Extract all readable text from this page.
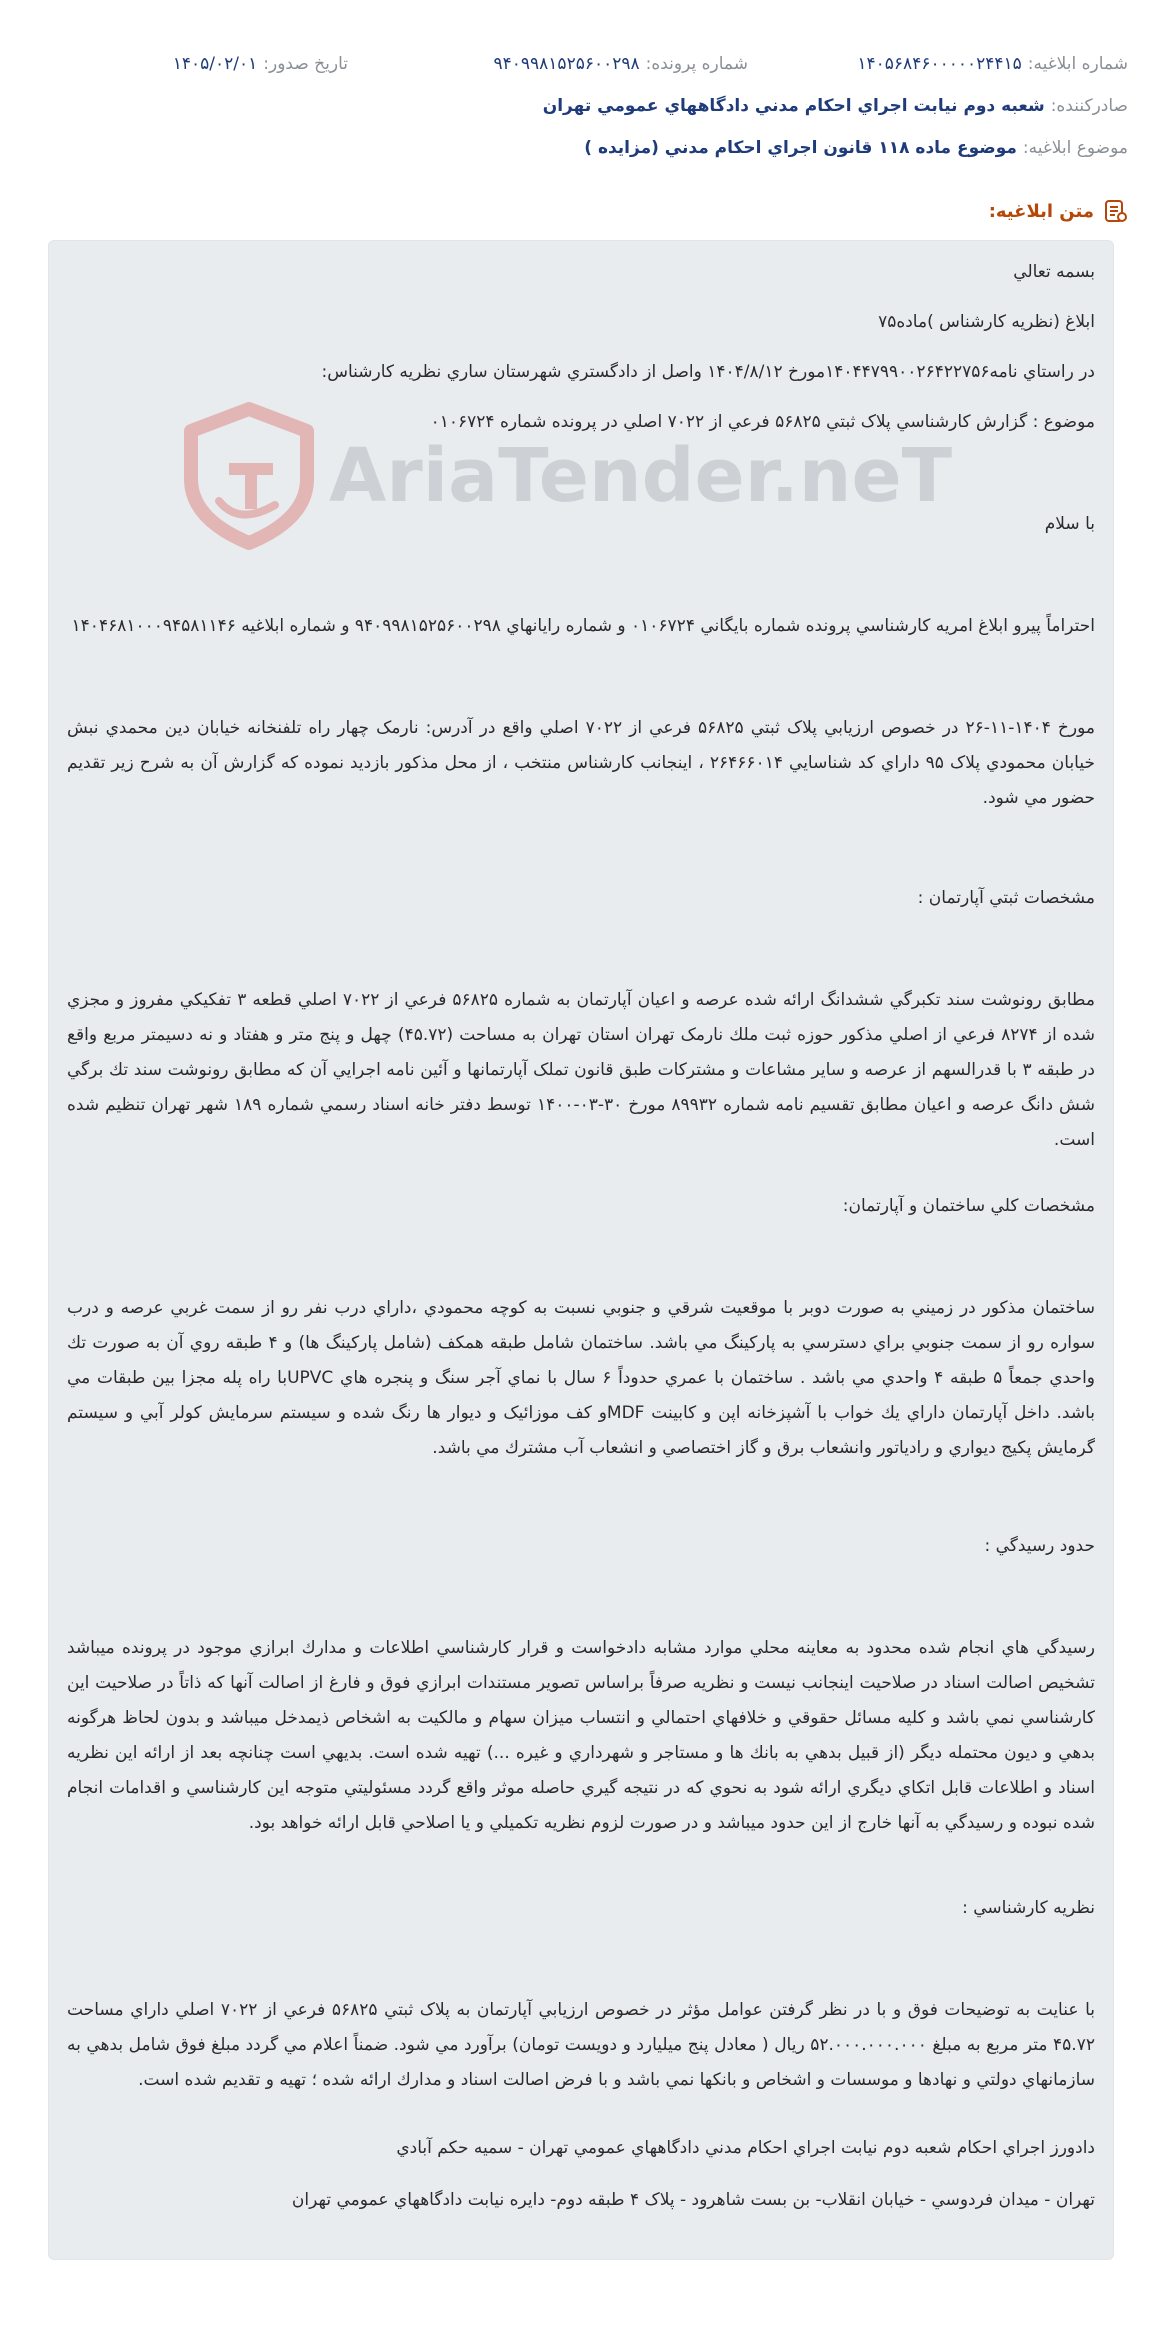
شماره ابلاغيه:
۱۴۰۵۶۸۴۶۰۰۰۰۰۲۴۴۱۵
شماره پرونده:
۹۴۰۹۹۸۱۵۲۵۶۰۰۲۹۸
تاريخ صدور:
۱۴۰۵/۰۲/۰۱
صادرکننده:
شعبه دوم نيابت اجراي احکام مدني دادگاههاي عمومي تهران
موضوع ابلاغيه:
موضوع ماده ۱۱۸ قانون اجراي احکام مدني (مزايده )
متن ابلاغيه:
AriaTender.neT

بسمه تعالي

ابلاغ (نظريه کارشناس )ماده۷۵

در راستاي نامه۱۴۰۴۴۷۹۹۰۰۲۶۴۲۲۷۵۶مورخ ۱۴۰۴/۸/۱۲ واصل از دادگستري شهرستان ساري نظريه کارشناس:

موضوع : گزارش کارشناسي پلاک ثبتي ۵۶۸۲۵ فرعي از ۷۰۲۲ اصلي در پرونده شماره ۰۱۰۶۷۲۴

با سلام

احتراماً پيرو ابلاغ امريه کارشناسي پرونده شماره بايگاني ۰۱۰۶۷۲۴ و شماره رايانهاي ۹۴۰۹۹۸۱۵۲۵۶۰۰۲۹۸ و شماره ابلاغيه ۱۴۰۴۶۸۱۰۰۰۹۴۵۸۱۱۴۶

مورخ ۱۴۰۴-۱۱-۲۶ در خصوص ارزيابي پلاک ثبتي ۵۶۸۲۵ فرعي از ۷۰۲۲ اصلي واقع در آدرس: نارمک چهار راه تلفنخانه خيابان دين محمدي نبش خيابان محمودي پلاک ۹۵ داراي کد شناسايي ۲۶۴۶۶۰۱۴ ، اينجانب کارشناس منتخب ، از محل مذکور بازديد نموده که گزارش آن به شرح زير تقديم حضور مي شود.

مشخصات ثبتي آپارتمان :

مطابق رونوشت سند تکبرگي ششدانگ ارائه شده عرصه و اعيان آپارتمان به شماره ۵۶۸۲۵ فرعي از ۷۰۲۲ اصلي قطعه ۳ تفکيکي مفروز و مجزي شده از ۸۲۷۴ فرعي از اصلي مذکور حوزه ثبت ملك نارمک تهران استان تهران به مساحت (۴۵.۷۲) چهل و پنج متر و هفتاد و نه دسيمتر مربع واقع در طبقه ۳ با قدرالسهم از عرصه و ساير مشاعات و مشترکات طبق قانون تملک آپارتمانها و آئين نامه اجرايي آن که مطابق رونوشت سند تك برگي شش دانگ عرصه و اعيان مطابق تقسيم نامه شماره ۸۹۹۳۲ مورخ ۳۰-۰۳-۱۴۰۰ توسط دفتر خانه اسناد رسمي شماره ۱۸۹ شهر تهران تنظيم شده است.

مشخصات کلي ساختمان و آپارتمان:

ساختمان مذکور در زميني به صورت دوبر با موقعيت شرقي و جنوبي نسبت به کوچه محمودي ،داراي درب نفر رو از سمت غربي عرصه و درب سواره رو از سمت جنوبي براي دسترسي به پارکينگ مي باشد. ساختمان شامل طبقه همکف (شامل پارکينگ ها) و ۴ طبقه روي آن به صورت تك واحدي جمعاً ۵ طبقه ۴ واحدي مي باشد . ساختمان با عمري حدوداً ۶ سال با نماي آجر سنگ و پنجره هاي UPVCبا راه پله مجزا بين طبقات مي باشد. داخل آپارتمان داراي يك خواب با آشپزخانه اپن و کابينت MDFو کف موزائيک و ديوار ها رنگ شده و سيستم سرمايش کولر آبي و سيستم گرمايش پکيج ديواري و رادياتور وانشعاب برق و گاز اختصاصي و انشعاب آب مشترك مي باشد.

حدود رسيدگي :

رسيدگي هاي انجام شده محدود به معاينه محلي موارد مشابه دادخواست و قرار کارشناسي اطلاعات و مدارك ابرازي موجود در پرونده ميباشد تشخيص اصالت اسناد در صلاحيت اينجانب نيست و نظريه صرفاً براساس تصوير مستندات ابرازي فوق و فارغ از اصالت آنها که ذاتاً در صلاحيت اين کارشناسي نمي باشد و کليه مسائل حقوقي و خلافهاي احتمالي و انتساب ميزان سهام و مالکيت به اشخاص ذيمدخل ميباشد و بدون لحاظ هرگونه بدهي و ديون محتمله ديگر (از قبيل بدهي به بانك ها و مستاجر و شهرداري و غيره ...) تهيه شده است. بديهي است چنانچه بعد از ارائه اين نظريه اسناد و اطلاعات قابل اتکاي ديگري ارائه شود به نحوي که در نتيجه گيري حاصله موثر واقع گردد مسئوليتي متوجه اين کارشناسي و اقدامات انجام شده نبوده و رسيدگي به آنها خارج از اين حدود ميباشد و در صورت لزوم نظريه تکميلي و يا اصلاحي قابل ارائه خواهد بود.

نظريه کارشناسي :

با عنايت به توضيحات فوق و با در نظر گرفتن عوامل مؤثر در خصوص ارزيابي آپارتمان به پلاک ثبتي ۵۶۸۲۵ فرعي از ۷۰۲۲ اصلي داراي مساحت ۴۵.۷۲ متر مربع به مبلغ ۵۲.۰۰۰.۰۰۰.۰۰۰ ريال ( معادل پنج ميليارد و دويست تومان) برآورد مي شود. ضمناً اعلام مي گردد مبلغ فوق شامل بدهي به سازمانهاي دولتي و نهادها و موسسات و اشخاص و بانکها نمي باشد و با فرض اصالت اسناد و مدارك ارائه شده ؛ تهيه و تقديم شده است.

دادورز اجراي احکام شعبه دوم نيابت اجراي احکام مدني دادگاههاي عمومي تهران - سميه حکم آبادي

تهران - ميدان فردوسي - خيابان انقلاب- بن بست شاهرود - پلاک ۴ طبقه دوم- دايره نيابت دادگاههاي عمومي تهران
